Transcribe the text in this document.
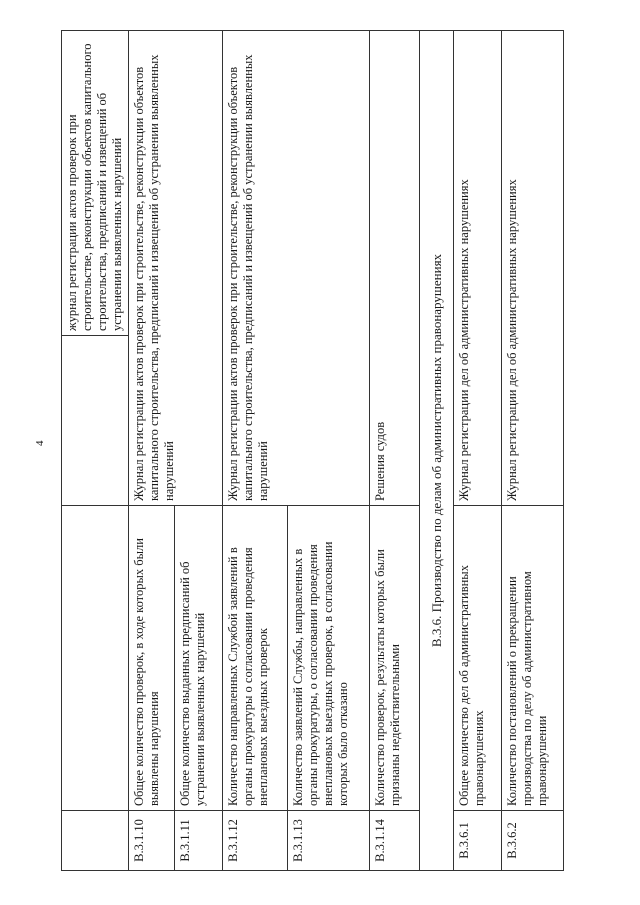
4
			журнал регистрации актов проверок при строительстве, реконструкции объектов капитального строительства, предписаний и извещений об устранении выявленных нарушений
В.3.1.10	Общее количество проверок, в ходе которых были выявлены нарушения	Журнал регистрации актов проверок при строительстве, реконструкции объектов капитального строительства, предписаний и извещений об устранении выявленных нарушений	
В.3.1.11	Общее количество выданных предписаний об устранении выявленных нарушений		
В.3.1.12	Количество направленных Службой заявлений в органы прокуратуры о согласовании проведения внеплановых выездных проверок	Журнал регистрации актов проверок при строительстве, реконструкции объектов капитального строительства, предписаний и извещений об устранении выявленных нарушений	
В.3.1.13	Количество заявлений Службы, направленных в органы прокуратуры, о согласовании проведения внеплановых выездных проверок, в согласовании которых было отказано		
В.3.1.14	Количество проверок, результаты которых были признаны недействительными	Решения судов	
В.3.6. Производство по делам об административных правонарушениях			
В.3.6.1	Общее количество дел об административных правонарушениях	Журнал регистрации дел об административных нарушениях	
В.3.6.2	Количество постановлений о прекращении производства по делу об административном правонарушении	Журнал регистрации дел об административных нарушениях	
